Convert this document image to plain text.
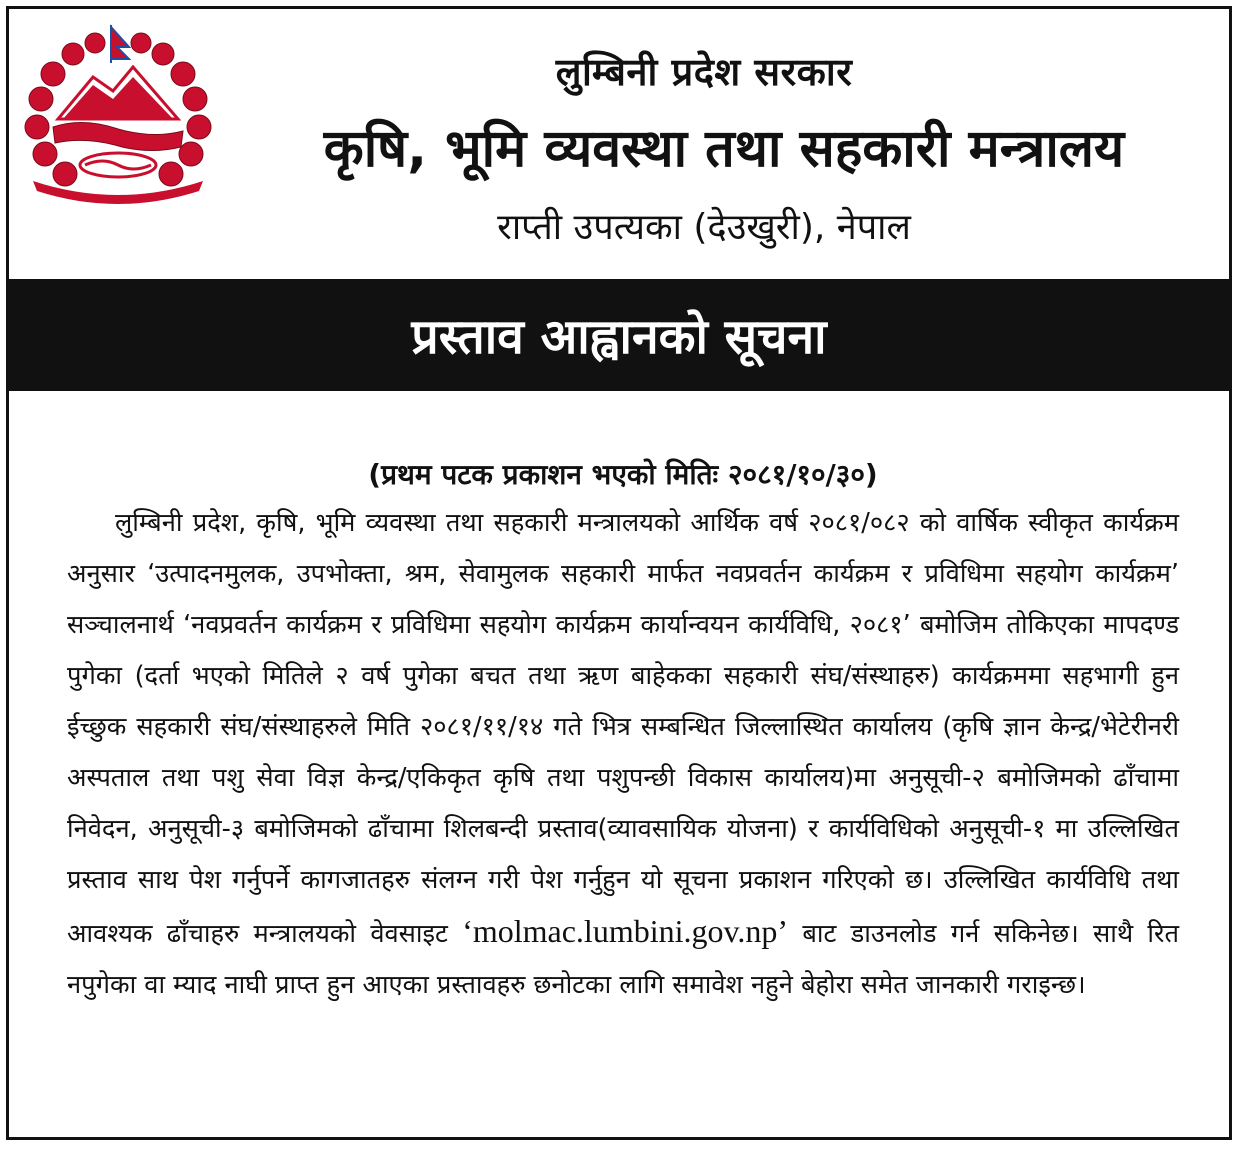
लुम्बिनी प्रदेश सरकार
कृषि, भूमि व्यवस्था तथा सहकारी मन्त्रालय
राप्ती उपत्यका (देउखुरी), नेपाल
प्रस्ताव आह्वानको सूचना

(प्रथम पटक प्रकाशन भएको मितिः २०८१/१०/३०)

लुम्बिनी प्रदेश, कृषि, भूमि व्यवस्था तथा सहकारी मन्त्रालयको आर्थिक वर्ष २०८१/०८२ को वार्षिक स्वीकृत कार्यक्रम अनुसार ‘उत्पादनमुलक, उपभोक्ता, श्रम, सेवामुलक सहकारी मार्फत नवप्रवर्तन कार्यक्रम र प्रविधिमा सहयोग कार्यक्रम’ सञ्चालनार्थ ‘नवप्रवर्तन कार्यक्रम र प्रविधिमा सहयोग कार्यक्रम कार्यान्वयन कार्यविधि, २०८१’ बमोजिम तोकिएका मापदण्ड पुगेका (दर्ता भएको मितिले २ वर्ष पुगेका बचत तथा ऋण बाहेकका सहकारी संघ/संस्थाहरु) कार्यक्रममा सहभागी हुन ईच्छुक सहकारी संघ/संस्थाहरुले मिति २०८१/११/१४ गते भित्र सम्बन्धित जिल्लास्थित कार्यालय (कृषि ज्ञान केन्द्र/भेटेरीनरी अस्पताल तथा पशु सेवा विज्ञ केन्द्र/एकिकृत कृषि तथा पशुपन्छी विकास कार्यालय)मा अनुसूची-२ बमोजिमको ढाँचामा निवेदन, अनुसूची-३ बमोजिमको ढाँचामा शिलबन्दी प्रस्ताव(व्यावसायिक योजना) र कार्यविधिको अनुसूची-१ मा उल्लिखित प्रस्ताव साथ पेश गर्नुपर्ने कागजातहरु संलग्न गरी पेश गर्नुहुन यो सूचना प्रकाशन गरिएको छ। उल्लिखित कार्यविधि तथा आवश्यक ढाँचाहरु मन्त्रालयको वेवसाइट ‘molmac.lumbini.gov.np’ बाट डाउनलोड गर्न सकिनेछ। साथै रित नपुगेका वा म्याद नाघी प्राप्त हुन आएका प्रस्तावहरु छनोटका लागि समावेश नहुने बेहोरा समेत जानकारी गराइन्छ।
